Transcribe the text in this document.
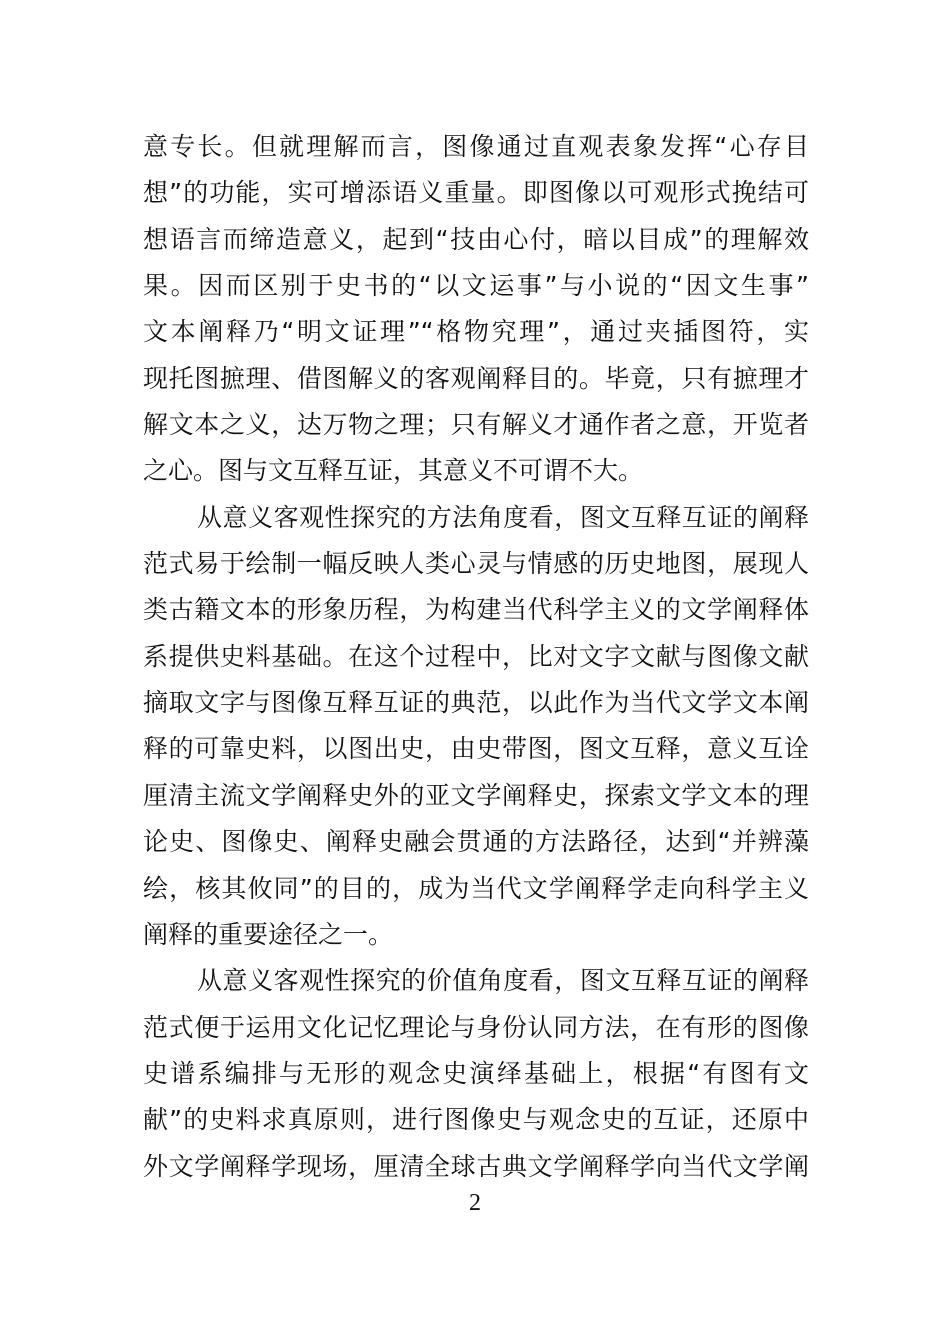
意专长。但就理解而言，图像通过直观表象发挥“心存目
想”的功能，实可增添语义重量。即图像以可观形式挽结可
想语言而缔造意义，起到“技由心付，暗以目成”的理解效
果。因而区别于史书的“以文运事”与小说的“因文生事”
文本阐释乃“明文证理”“格物究理”，通过夹插图符，实
现托图摭理、借图解义的客观阐释目的。毕竟，只有摭理才
解文本之义，达万物之理；只有解义才通作者之意，开览者
之心。图与文互释互证，其意义不可谓不大。
从意义客观性探究的方法角度看，图文互释互证的阐释
范式易于绘制一幅反映人类心灵与情感的历史地图，展现人
类古籍文本的形象历程，为构建当代科学主义的文学阐释体
系提供史料基础。在这个过程中，比对文字文献与图像文献
摘取文字与图像互释互证的典范，以此作为当代文学文本阐
释的可靠史料，以图出史，由史带图，图文互释，意义互诠
厘清主流文学阐释史外的亚文学阐释史，探索文学文本的理
论史、图像史、阐释史融会贯通的方法路径，达到“并辨藻
绘，核其攸同”的目的，成为当代文学阐释学走向科学主义
阐释的重要途径之一。
从意义客观性探究的价值角度看，图文互释互证的阐释
范式便于运用文化记忆理论与身份认同方法，在有形的图像
史谱系编排与无形的观念史演绎基础上，根据“有图有文
献”的史料求真原则，进行图像史与观念史的互证，还原中
外文学阐释学现场，厘清全球古典文学阐释学向当代文学阐
2
